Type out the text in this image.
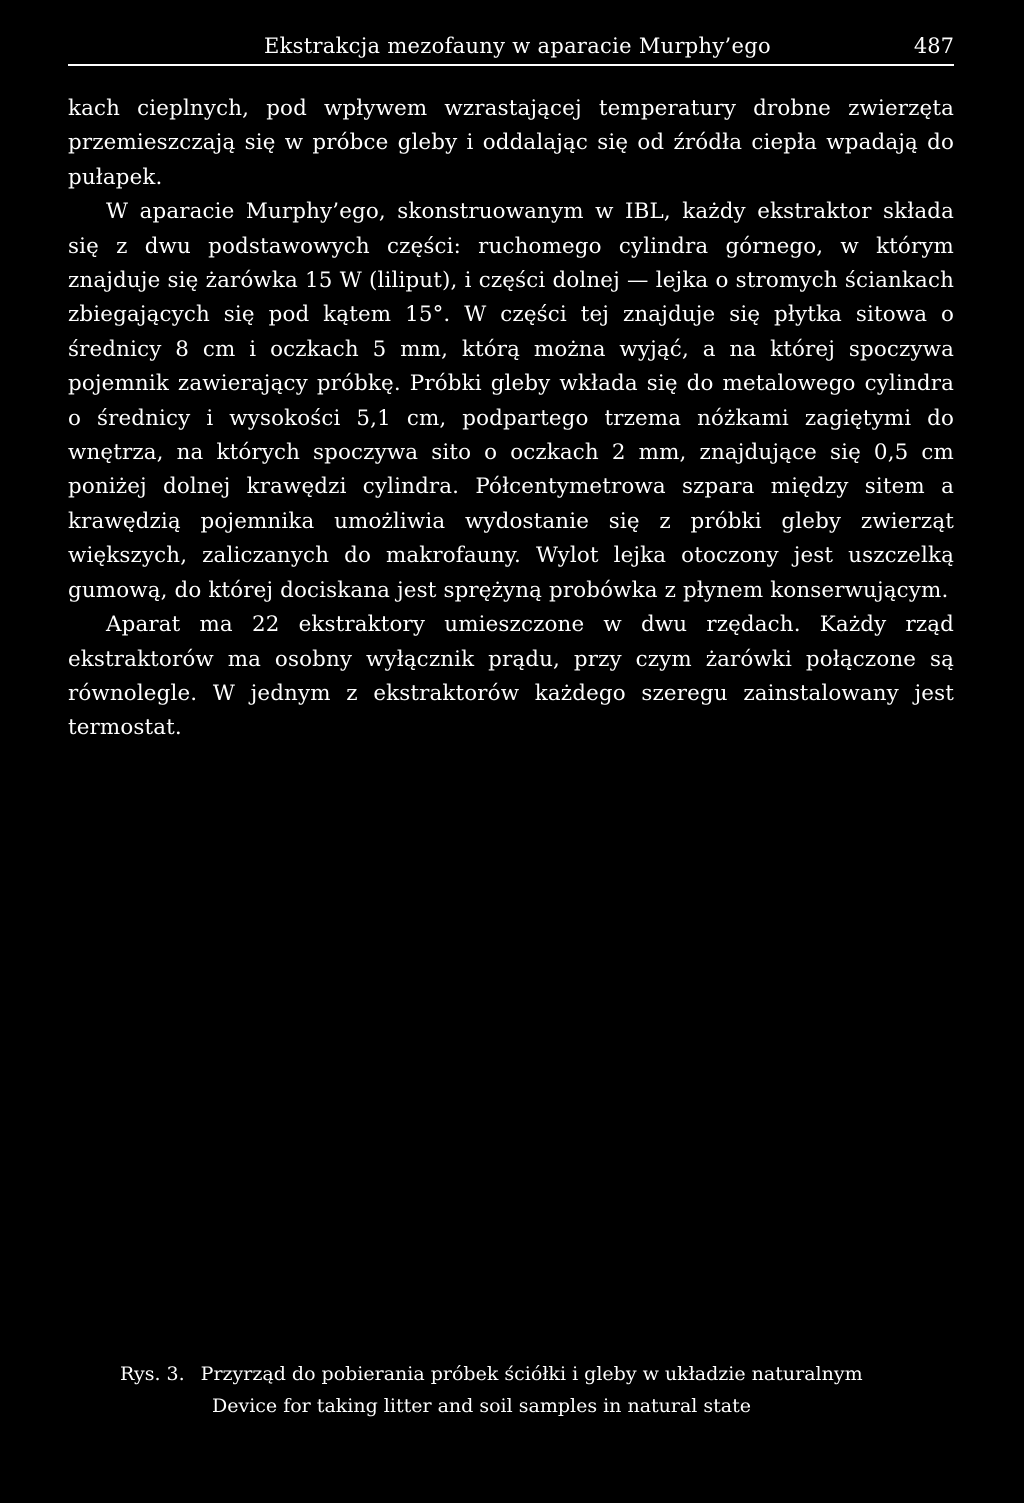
Ekstrakcja mezofauny w aparacie Murphy’ego	487

kach cieplnych, pod wpływem wzrastającej temperatury drobne zwierzęta przemieszczają się w próbce gleby i oddalając się od źródła ciepła wpadają do pułapek.

W aparacie Murphy’ego, skonstruowanym w IBL, każdy ekstraktor składa się z dwu podstawowych części: ruchomego cylindra górnego, w którym znajduje się żarówka 15 W (liliput), i części dolnej — lejka o stromych ściankach zbiegających się pod kątem 15°. W części tej znajduje się płytka sitowa o średnicy 8 cm i oczkach 5 mm, którą można wyjąć, a na której spoczywa pojemnik zawierający próbkę. Próbki gleby wkłada się do metalowego cylindra o średnicy i wysokości 5,1 cm, podpartego trzema nóżkami zagiętymi do wnętrza, na których spoczywa sito o oczkach 2 mm, znajdujące się 0,5 cm poniżej dolnej krawędzi cylindra. Półcentymetrowa szpara między sitem a krawędzią pojemnika umożliwia wydostanie się z próbki gleby zwierząt większych, zaliczanych do makrofauny. Wylot lejka otoczony jest uszczelką gumową, do której dociskana jest sprężyną probówka z płynem konserwującym.

Aparat ma 22 ekstraktory umieszczone w dwu rzędach. Każdy rząd ekstraktorów ma osobny wyłącznik prądu, przy czym żarówki połączone są równolegle. W jednym z ekstraktorów każdego szeregu zainstalowany jest termostat.

Rys. 3. Przyrząd do pobierania próbek ściółki i gleby w układzie naturalnym
Device for taking litter and soil samples in natural state
